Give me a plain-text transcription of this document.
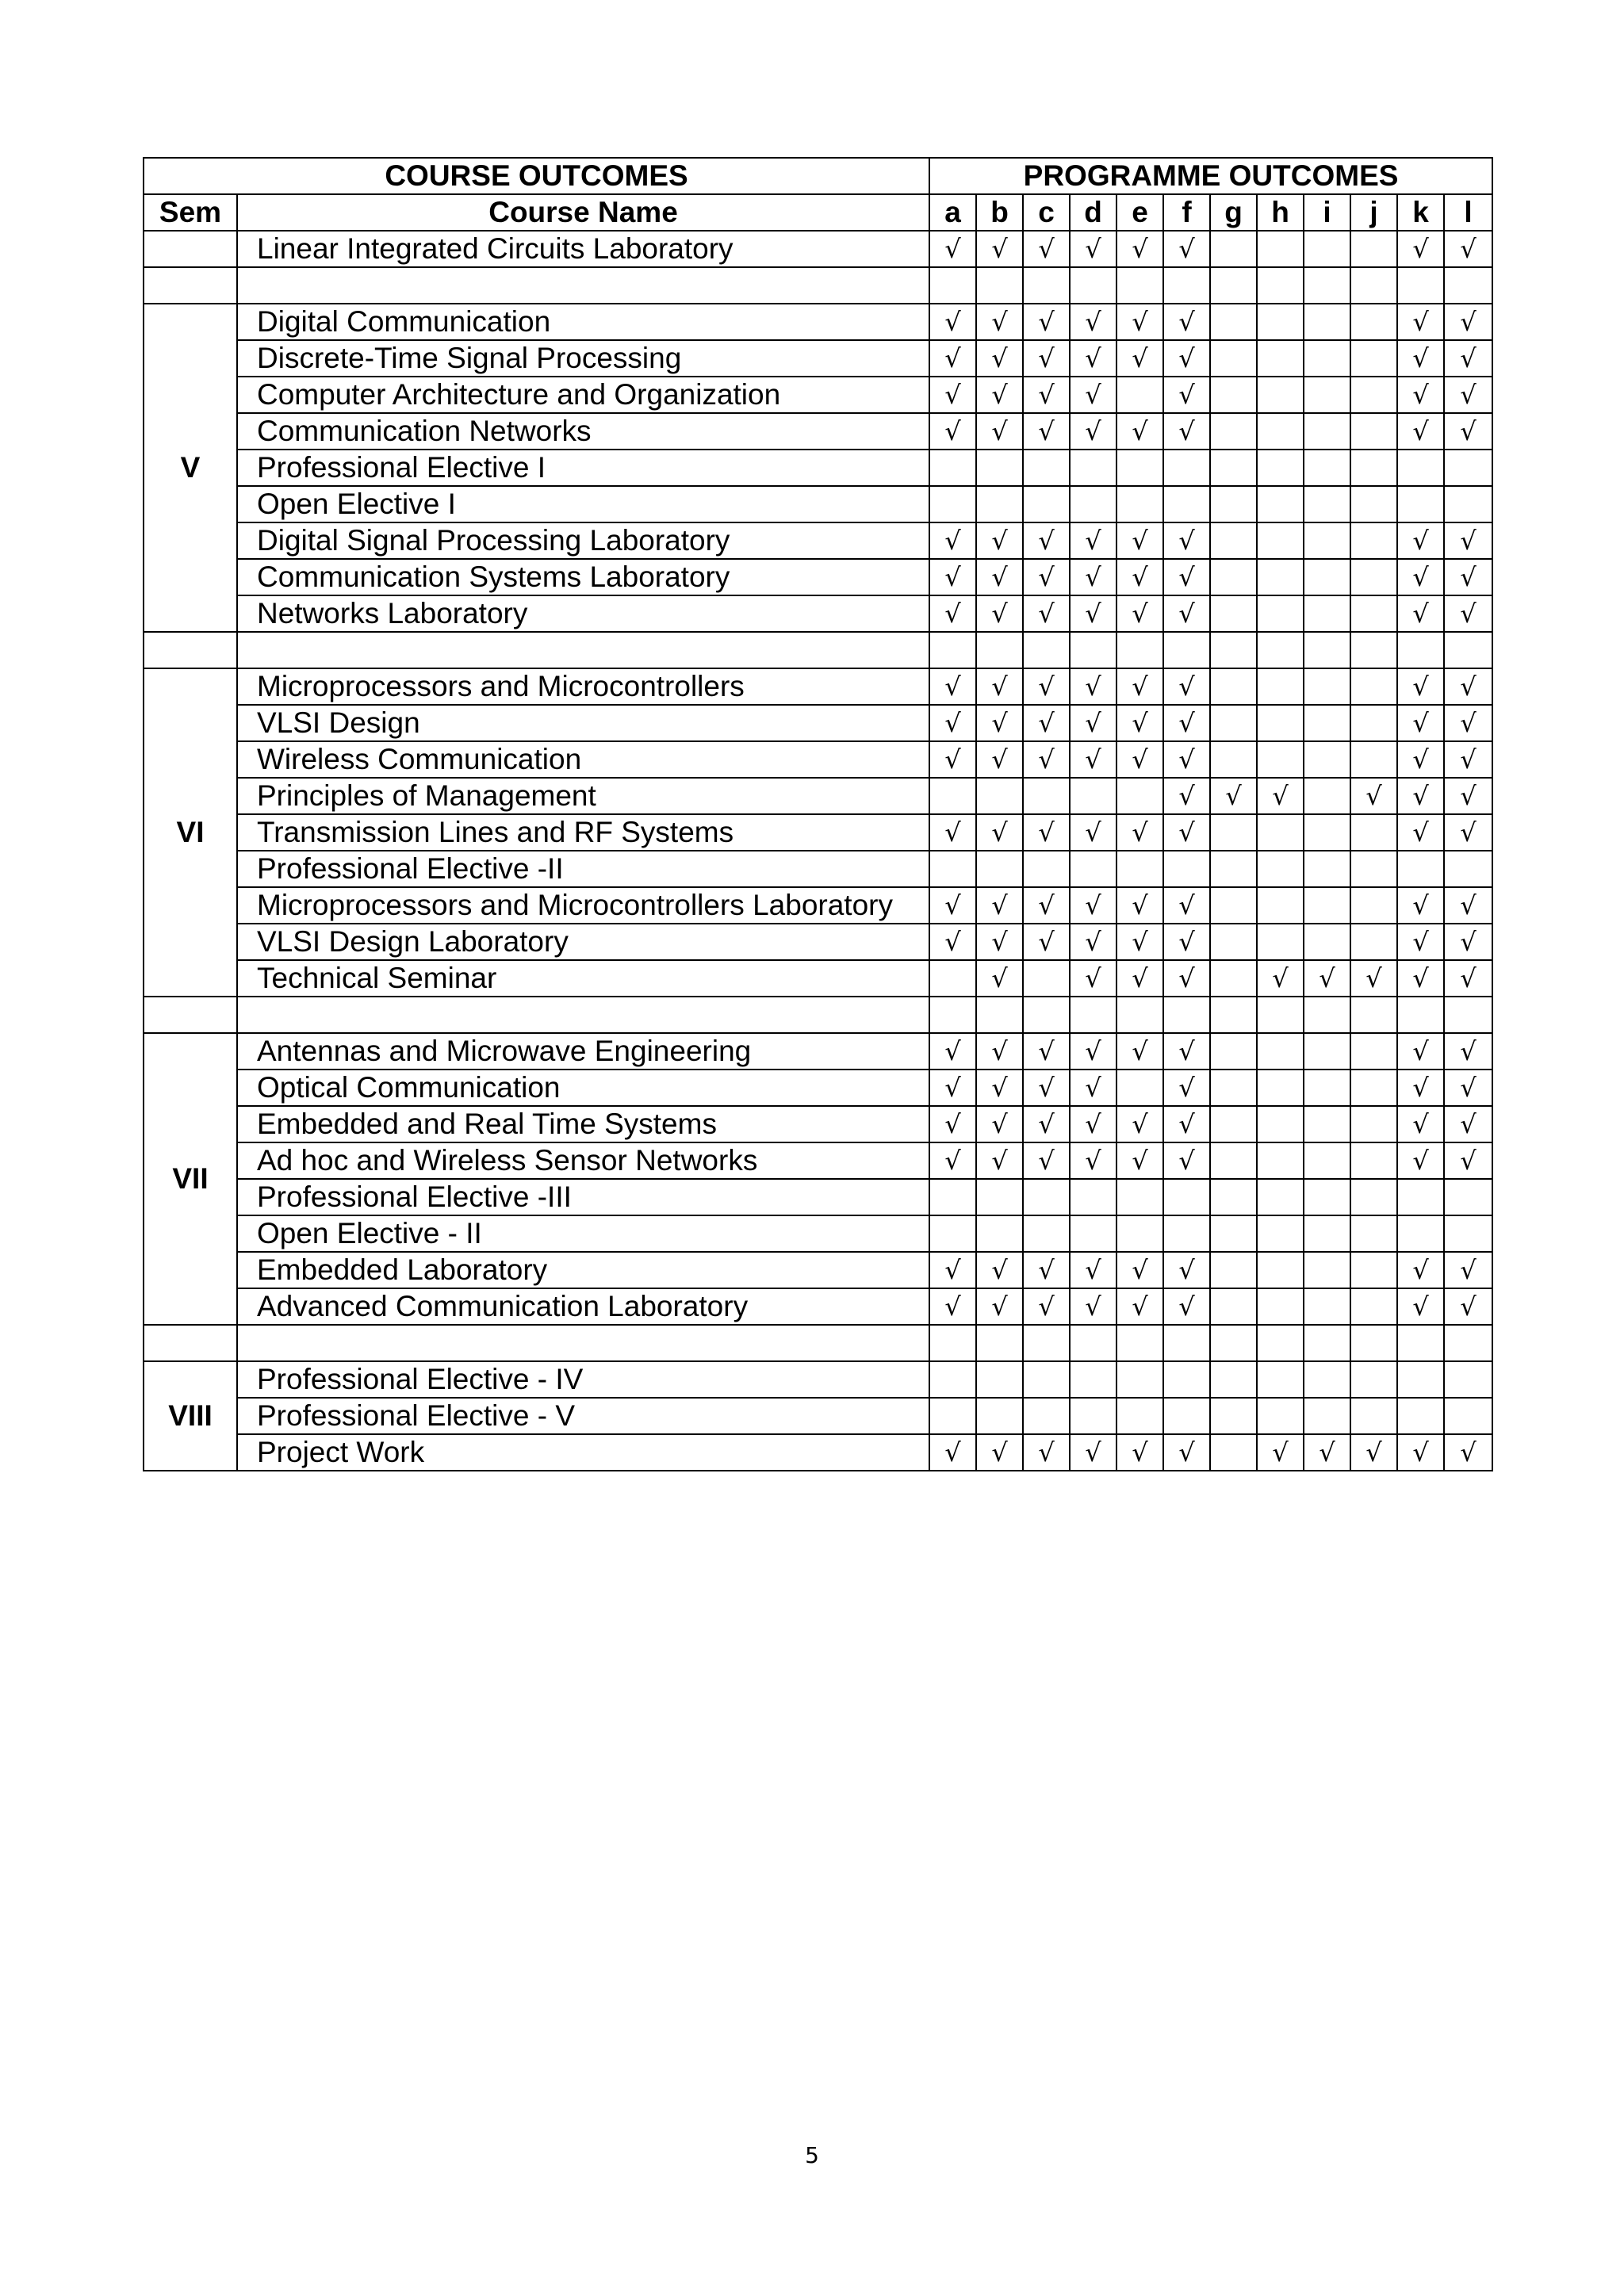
COURSE OUTCOMES		PROGRAMME OUTCOMES											
Sem	Course Name	a	b	c	d	e	f	g	h	i	j	k	l
	Linear Integrated Circuits Laboratory	√	√	√	√	√	√					√	√

V	Digital Communication	√	√	√	√	√	√					√	√
	Discrete-Time Signal Processing	√	√	√	√	√	√					√	√
	Computer Architecture and Organization	√	√	√	√		√					√	√
	Communication Networks	√	√	√	√	√	√					√	√
	Professional Elective I												
	Open Elective I												
	Digital Signal Processing Laboratory	√	√	√	√	√	√					√	√
	Communication Systems Laboratory	√	√	√	√	√	√					√	√
	Networks Laboratory	√	√	√	√	√	√					√	√

VI	Microprocessors and Microcontrollers	√	√	√	√	√	√					√	√
	VLSI Design	√	√	√	√	√	√					√	√
	Wireless Communication	√	√	√	√	√	√					√	√
	Principles of Management						√	√	√		√	√	√
	Transmission Lines and RF Systems	√	√	√	√	√	√					√	√
	Professional Elective -II												
	Microprocessors and Microcontrollers Laboratory	√	√	√	√	√	√					√	√
	VLSI Design Laboratory	√	√	√	√	√	√					√	√
	Technical Seminar		√		√	√	√		√	√	√	√	√

VII	Antennas and Microwave Engineering	√	√	√	√	√	√					√	√
	Optical Communication	√	√	√	√		√					√	√
	Embedded and Real Time Systems	√	√	√	√	√	√					√	√
	Ad hoc and Wireless Sensor Networks	√	√	√	√	√	√					√	√
	Professional Elective -III												
	Open Elective - II												
	Embedded Laboratory	√	√	√	√	√	√					√	√
	Advanced Communication Laboratory	√	√	√	√	√	√					√	√

VIII	Professional Elective - IV												
	Professional Elective - V												
	Project Work	√	√	√	√	√	√		√	√	√	√	√
5
